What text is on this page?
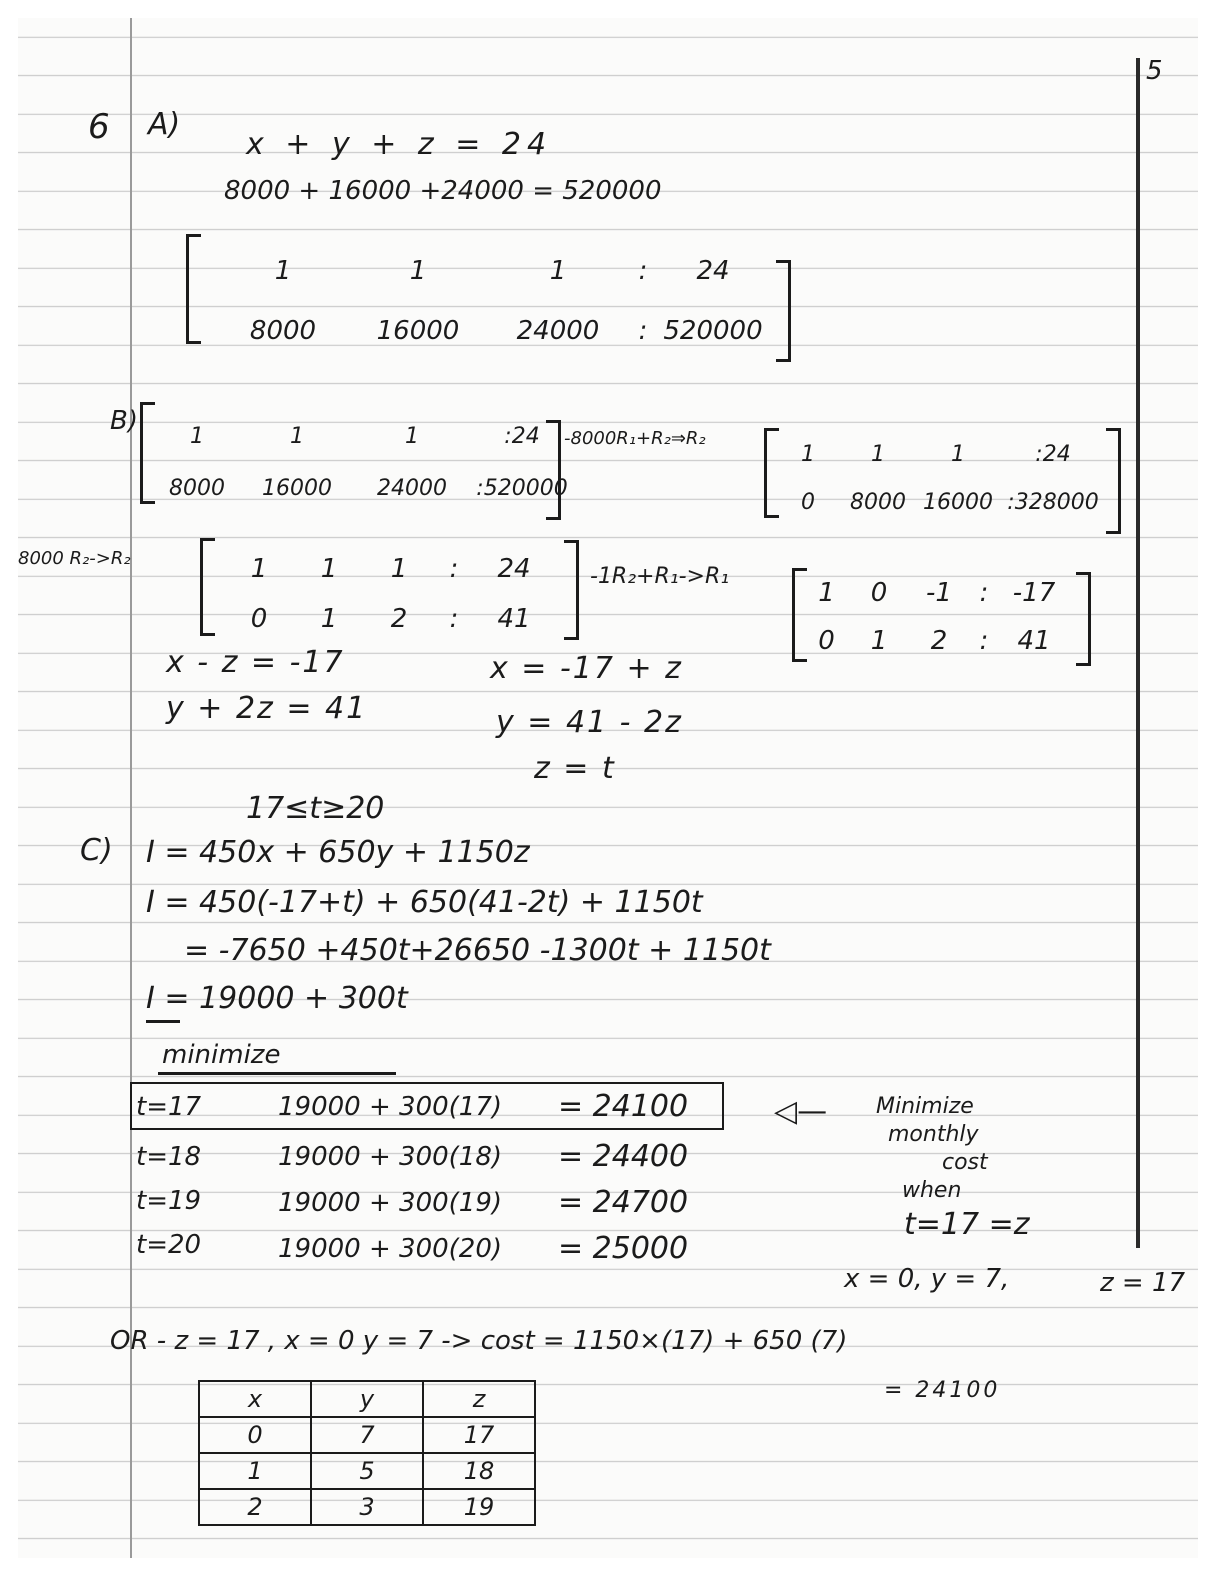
5
6 A)
x + y + z = 24
8000 + 16000 +24000 = 520000
1	1	1	: 24
8000 16000 24000 : 520000
B)
1	1	1	:24
8000 16000 24000 :520000
-8000R₁+R₂⇒R₂
1	1	1	:24
0 8000 16000 :328000
8000 R₂->R₂	1 1 1 : 24
0 1 2 : 41
-1R₂+R₁->R₁
1 0 -1 : -17
0 1 2 : 41
x - z = -17
y + 2z = 41
x = -17 + z
y = 41 - 2z
z = t
17≤t≥20
C) I = 450x + 650y + 1150z
I = 450(-17+t) + 650(41-2t) + 1150t
= -7650 +450t+26650 -1300t + 1150t
I = 19000 + 300t
minimize
t=17	19000 + 300(17) = 24100
t=18	19000 + 300(18) = 24400
t=19	19000 + 300(19) = 24700
t=20	19000 + 300(20) = 25000
◁— Minimize
monthly
cost
when
t=17 =z
x = 0, y = 7,	z = 17
OR - z = 17 , x = 0 y = 7 -> cost = 1150×(17) + 650 (7)
= 24100
x	y	z
0	7	17
1	5	18
2	3	19
